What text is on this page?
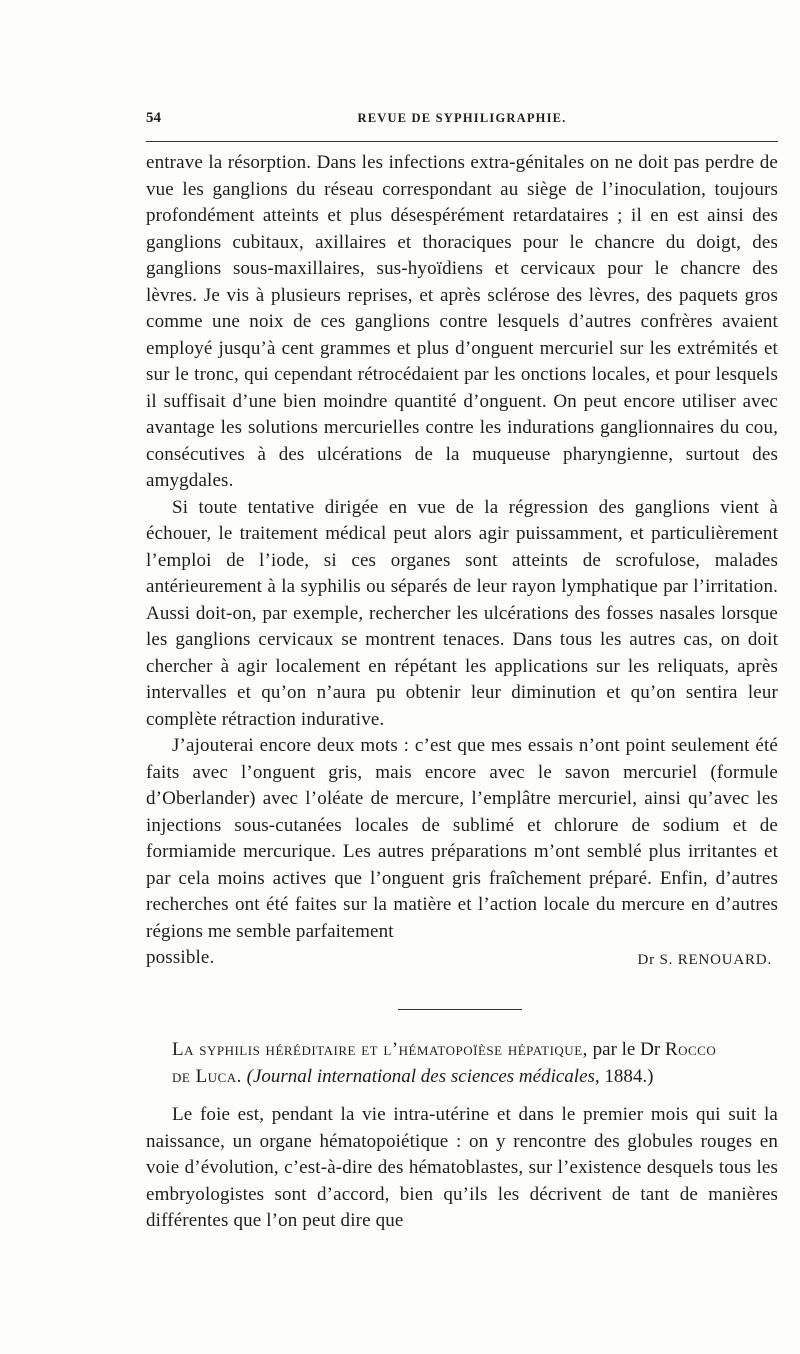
54	REVUE DE SYPHILIGRAPHIE.

entrave la résorption. Dans les infections extra-génitales on ne doit pas perdre de vue les ganglions du réseau correspondant au siège de l’inoculation, toujours profondément atteints et plus désespérément retardataires ; il en est ainsi des ganglions cubitaux, axillaires et thoraciques pour le chancre du doigt, des ganglions sous-maxillaires, sus-hyoïdiens et cervicaux pour le chancre des lèvres. Je vis à plusieurs reprises, et après sclérose des lèvres, des paquets gros comme une noix de ces ganglions contre lesquels d’autres confrères avaient employé jusqu’à cent grammes et plus d’onguent mercuriel sur les extrémités et sur le tronc, qui cependant rétrocédaient par les onctions locales, et pour lesquels il suffisait d’une bien moindre quantité d’onguent. On peut encore utiliser avec avantage les solutions mercurielles contre les indurations ganglionnaires du cou, consécutives à des ulcérations de la muqueuse pharyngienne, surtout des amygdales.

Si toute tentative dirigée en vue de la régression des ganglions vient à échouer, le traitement médical peut alors agir puissamment, et particulièrement l’emploi de l’iode, si ces organes sont atteints de scrofulose, malades antérieurement à la syphilis ou séparés de leur rayon lymphatique par l’irritation. Aussi doit-on, par exemple, rechercher les ulcérations des fosses nasales lorsque les ganglions cervicaux se montrent tenaces. Dans tous les autres cas, on doit chercher à agir localement en répétant les applications sur les reliquats, après intervalles et qu’on n’aura pu obtenir leur diminution et qu’on sentira leur complète rétraction indurative.

J’ajouterai encore deux mots : c’est que mes essais n’ont point seulement été faits avec l’onguent gris, mais encore avec le savon mercuriel (formule d’Oberlander) avec l’oléate de mercure, l’emplâtre mercuriel, ainsi qu’avec les injections sous-cutanées locales de sublimé et chlorure de sodium et de formiamide mercurique. Les autres préparations m’ont semblé plus irritantes et par cela moins actives que l’onguent gris fraîchement préparé. Enfin, d’autres recherches ont été faites sur la matière et l’action locale du mercure en d’autres régions me semble parfaitement

possible.	Dr S. RENOUARD.
La syphilis héréditaire et l’hématopoïèse hépatique, par le Dr Rocco
de Luca. (Journal international des sciences médicales, 1884.)

Le foie est, pendant la vie intra-utérine et dans le premier mois qui suit la naissance, un organe hématopoiétique : on y rencontre des globules rouges en voie d’évolution, c’est-à-dire des hématoblastes, sur l’existence desquels tous les embryologistes sont d’accord, bien qu’ils les décrivent de tant de manières différentes que l’on peut dire que
